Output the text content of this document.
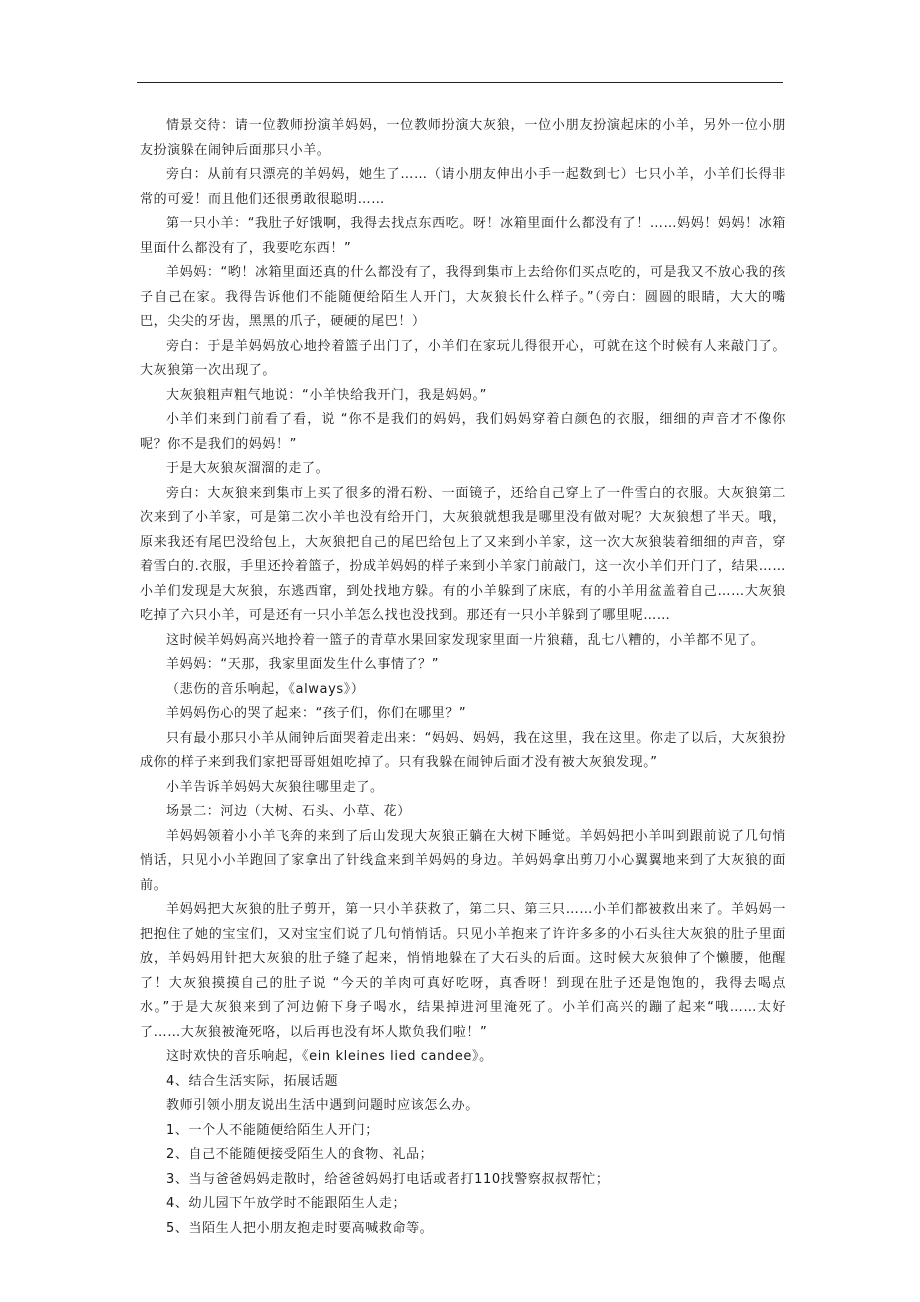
情景交待：请一位教师扮演羊妈妈，一位教师扮演大灰狼，一位小朋友扮演起床的小羊，另外一位小朋友扮演躲在闹钟后面那只小羊。

旁白：从前有只漂亮的羊妈妈，她生了……（请小朋友伸出小手一起数到七）七只小羊，小羊们长得非常的可爱！而且他们还很勇敢很聪明……

第一只小羊：“我肚子好饿啊，我得去找点东西吃。呀！冰箱里面什么都没有了！……妈妈！妈妈！冰箱里面什么都没有了，我要吃东西！”

羊妈妈：“哟！冰箱里面还真的什么都没有了，我得到集市上去给你们买点吃的，可是我又不放心我的孩子自己在家。我得告诉他们不能随便给陌生人开门，大灰狼长什么样子。”（旁白：圆圆的眼睛，大大的嘴巴，尖尖的牙齿，黑黑的爪子，硬硬的尾巴！）

旁白：于是羊妈妈放心地拎着篮子出门了，小羊们在家玩儿得很开心，可就在这个时候有人来敲门了。大灰狼第一次出现了。

大灰狼粗声粗气地说：“小羊快给我开门，我是妈妈。”

小羊们来到门前看了看，说 “你不是我们的妈妈，我们妈妈穿着白颜色的衣服，细细的声音才不像你呢？你不是我们的妈妈！”

于是大灰狼灰溜溜的走了。

旁白：大灰狼来到集市上买了很多的滑石粉、一面镜子，还给自己穿上了一件雪白的衣服。大灰狼第二次来到了小羊家，可是第二次小羊也没有给开门，大灰狼就想我是哪里没有做对呢？大灰狼想了半天。哦，原来我还有尾巴没给包上，大灰狼把自己的尾巴给包上了又来到小羊家，这一次大灰狼装着细细的声音，穿着雪白的.衣服，手里还拎着篮子，扮成羊妈妈的样子来到小羊家门前敲门，这一次小羊们开门了，结果……小羊们发现是大灰狼，东逃西窜，到处找地方躲。有的小羊躲到了床底，有的小羊用盆盖着自己……大灰狼吃掉了六只小羊，可是还有一只小羊怎么找也没找到。那还有一只小羊躲到了哪里呢……

这时候羊妈妈高兴地拎着一篮子的青草水果回家发现家里面一片狼藉，乱七八糟的，小羊都不见了。

羊妈妈：“天那，我家里面发生什么事情了？”

（悲伤的音乐响起，《always》）

羊妈妈伤心的哭了起来：“孩子们，你们在哪里？”

只有最小那只小羊从闹钟后面哭着走出来：“妈妈、妈妈，我在这里，我在这里。你走了以后，大灰狼扮成你的样子来到我们家把哥哥姐姐吃掉了。只有我躲在闹钟后面才没有被大灰狼发现。”

小羊告诉羊妈妈大灰狼往哪里走了。

场景二：河边（大树、石头、小草、花）

羊妈妈领着小小羊飞奔的来到了后山发现大灰狼正躺在大树下睡觉。羊妈妈把小羊叫到跟前说了几句悄悄话，只见小小羊跑回了家拿出了针线盒来到羊妈妈的身边。羊妈妈拿出剪刀小心翼翼地来到了大灰狼的面前。

羊妈妈把大灰狼的肚子剪开，第一只小羊获救了，第二只、第三只……小羊们都被救出来了。羊妈妈一把抱住了她的宝宝们，又对宝宝们说了几句悄悄话。只见小羊抱来了许许多多的小石头往大灰狼的肚子里面放，羊妈妈用针把大灰狼的肚子缝了起来，悄悄地躲在了大石头的后面。这时候大灰狼伸了个懒腰，他醒了！大灰狼摸摸自己的肚子说 “今天的羊肉可真好吃呀，真香呀！到现在肚子还是饱饱的，我得去喝点水。”于是大灰狼来到了河边俯下身子喝水，结果掉进河里淹死了。小羊们高兴的蹦了起来“哦……太好了……大灰狼被淹死咯，以后再也没有坏人欺负我们啦！”

这时欢快的音乐响起，《ein kleines lied candee》。

4、结合生活实际，拓展话题

教师引领小朋友说出生活中遇到问题时应该怎么办。

1、一个人不能随便给陌生人开门；

2、自己不能随便接受陌生人的食物、礼品；

3、当与爸爸妈妈走散时，给爸爸妈妈打电话或者打110找警察叔叔帮忙；

4、幼儿园下午放学时不能跟陌生人走；

5、当陌生人把小朋友抱走时要高喊救命等。
